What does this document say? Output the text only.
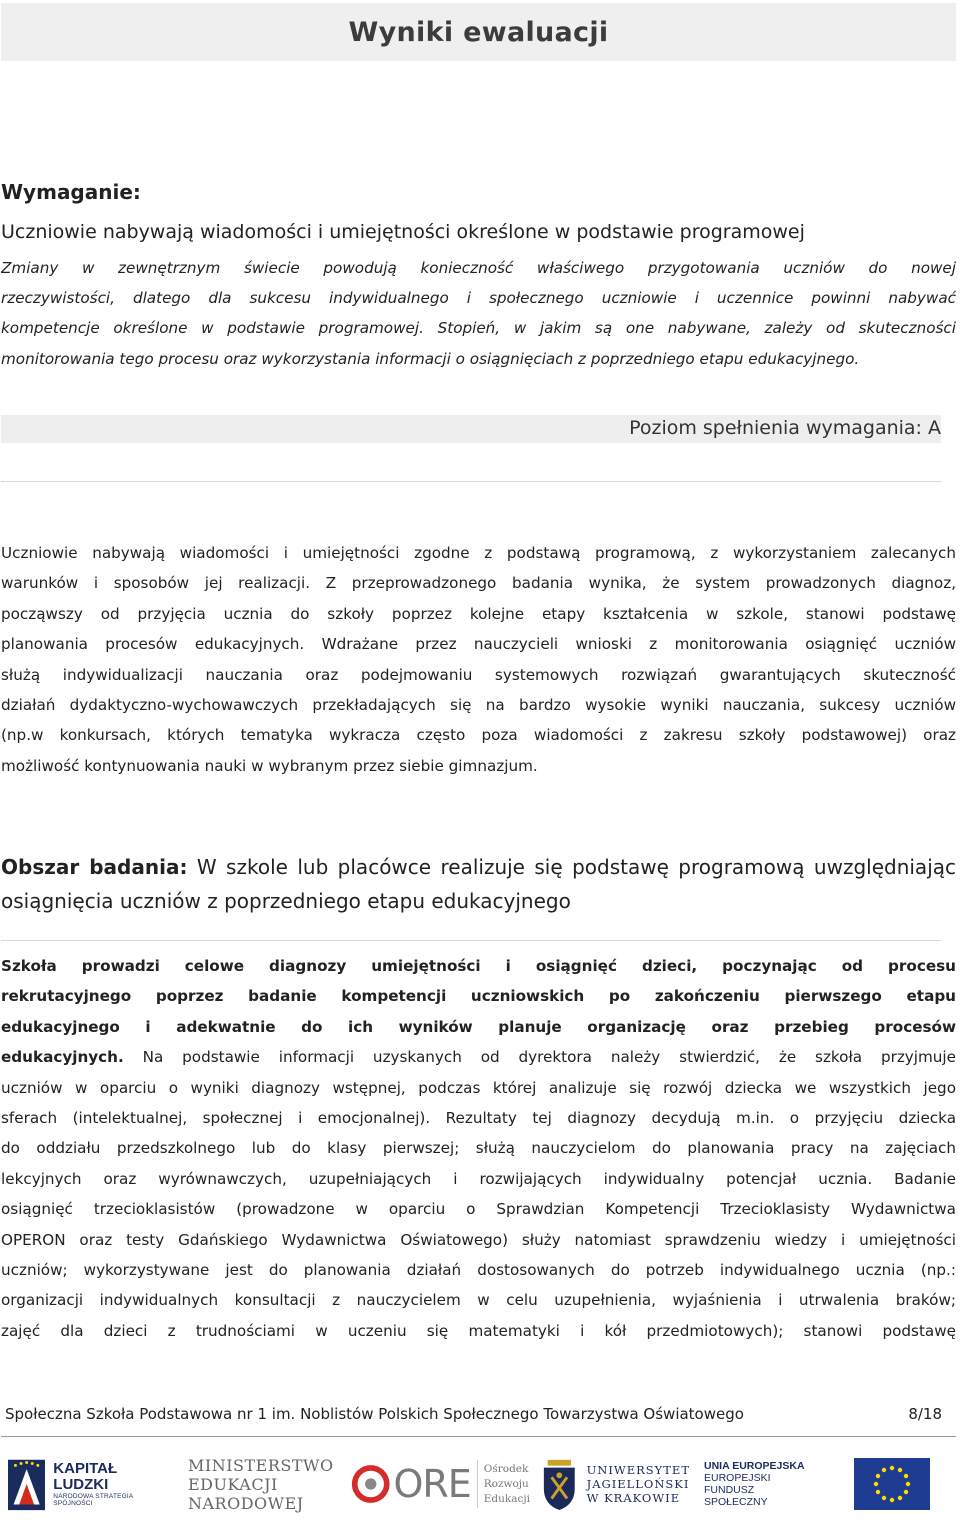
Wyniki ewaluacji
Wymaganie:
Uczniowie nabywają wiadomości i umiejętności określone w podstawie programowej
Zmiany w zewnętrznym świecie powodują konieczność właściwego przygotowania uczniów do nowej
rzeczywistości, dlatego dla sukcesu indywidualnego i społecznego uczniowie i uczennice powinni nabywać
kompetencje określone w podstawie programowej. Stopień, w jakim są one nabywane, zależy od skuteczności
monitorowania tego procesu oraz wykorzystania informacji o osiągnięciach z poprzedniego etapu edukacyjnego.
Poziom spełnienia wymagania: A
Uczniowie nabywają wiadomości i umiejętności zgodne z podstawą programową, z wykorzystaniem zalecanych
warunków i sposobów jej realizacji. Z przeprowadzonego badania wynika, że system prowadzonych diagnoz,
począwszy od przyjęcia ucznia do szkoły poprzez kolejne etapy kształcenia w szkole, stanowi podstawę
planowania procesów edukacyjnych. Wdrażane przez nauczycieli wnioski z monitorowania osiągnięć uczniów
służą indywidualizacji nauczania oraz podejmowaniu systemowych rozwiązań gwarantujących skuteczność
działań dydaktyczno-wychowawczych przekładających się na bardzo wysokie wyniki nauczania, sukcesy uczniów
(np.w konkursach, których tematyka wykracza często poza wiadomości z zakresu szkoły podstawowej) oraz
możliwość kontynuowania nauki w wybranym przez siebie gimnazjum.
Obszar badania: W szkole lub placówce realizuje się podstawę programową uwzględniając
osiągnięcia uczniów z poprzedniego etapu edukacyjnego
Szkoła prowadzi celowe diagnozy umiejętności i osiągnięć dzieci, poczynając od procesu
rekrutacyjnego poprzez badanie kompetencji uczniowskich po zakończeniu pierwszego etapu
edukacyjnego i adekwatnie do ich wyników planuje organizację oraz przebieg procesów
edukacyjnych. Na podstawie informacji uzyskanych od dyrektora należy stwierdzić, że szkoła przyjmuje
uczniów w oparciu o wyniki diagnozy wstępnej, podczas której analizuje się rozwój dziecka we wszystkich jego
sferach (intelektualnej, społecznej i emocjonalnej). Rezultaty tej diagnozy decydują m.in. o przyjęciu dziecka
do oddziału przedszkolnego lub do klasy pierwszej; służą nauczycielom do planowania pracy na zajęciach
lekcyjnych oraz wyrównawczych, uzupełniających i rozwijających indywidualny potencjał ucznia. Badanie
osiągnięć trzecioklasistów (prowadzone w oparciu o Sprawdzian Kompetencji Trzecioklasisty Wydawnictwa
OPERON oraz testy Gdańskiego Wydawnictwa Oświatowego) służy natomiast sprawdzeniu wiedzy i umiejętności
uczniów; wykorzystywane jest do planowania działań dostosowanych do potrzeb indywidualnego ucznia (np.:
organizacji indywidualnych konsultacji z nauczycielem w celu uzupełnienia, wyjaśnienia i utrwalenia braków;
zajęć dla dzieci z trudnościami w uczeniu się matematyki i kół przedmiotowych); stanowi podstawę
Społeczna Szkoła Podstawowa nr 1 im. Noblistów Polskich Społecznego Towarzystwa Oświatowego	8/18
KAPITAŁ LUDZKI
NARODOWA STRATEGIA SPÓJNOŚCI
MINISTERSTWO
EDUKACJI
NARODOWEJ	ORE Ośrodek
Rozwoju
Edukacji
UNIWERSYTET
JAGIELLOŃSKI
W KRAKOWIE
UNIA EUROPEJSKA
EUROPEJSKI
FUNDUSZ SPOŁECZNY
